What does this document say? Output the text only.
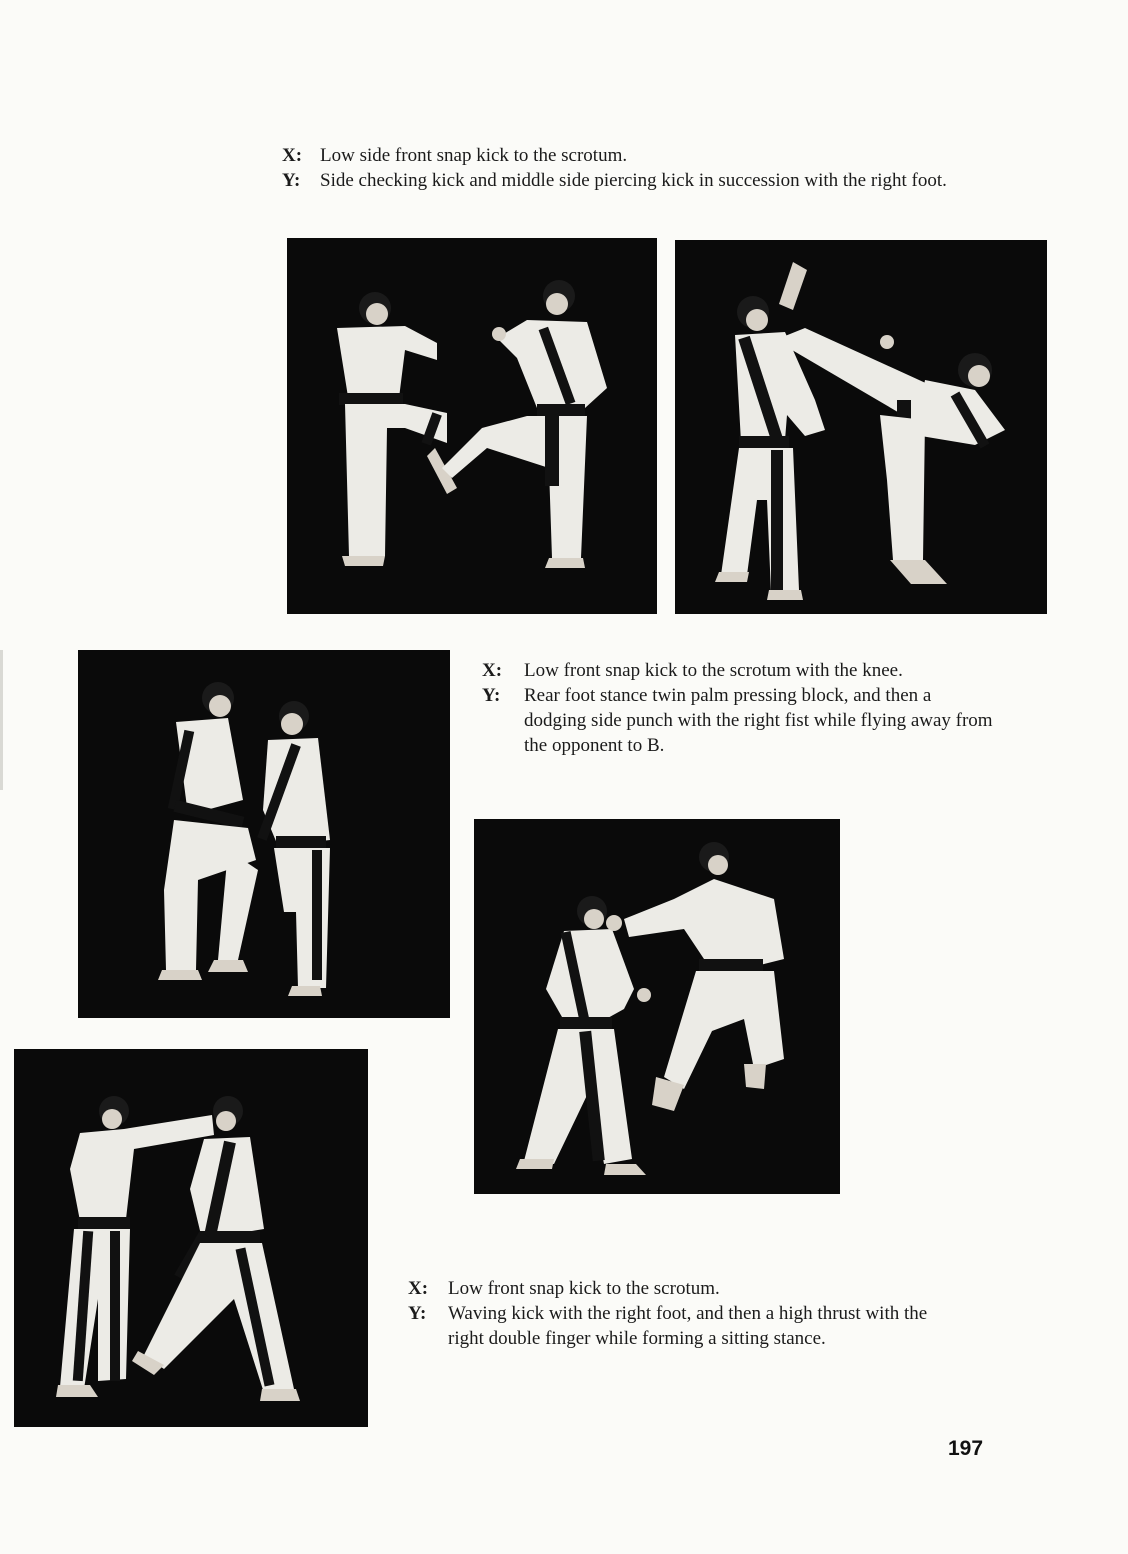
X: Low side front snap kick to the scrotum.
Y:	Side checking kick and middle side piercing kick in succession with the right foot.
X:	Low front snap kick to the scrotum with the knee.
Y:	Rear foot stance twin palm pressing block, and then a dodging side punch with the right fist while flying away from the opponent to B.
X:	Low front snap kick to the scrotum.
Y:	Waving kick with the right foot, and then a high thrust with the right double finger while forming a sitting stance.
197
